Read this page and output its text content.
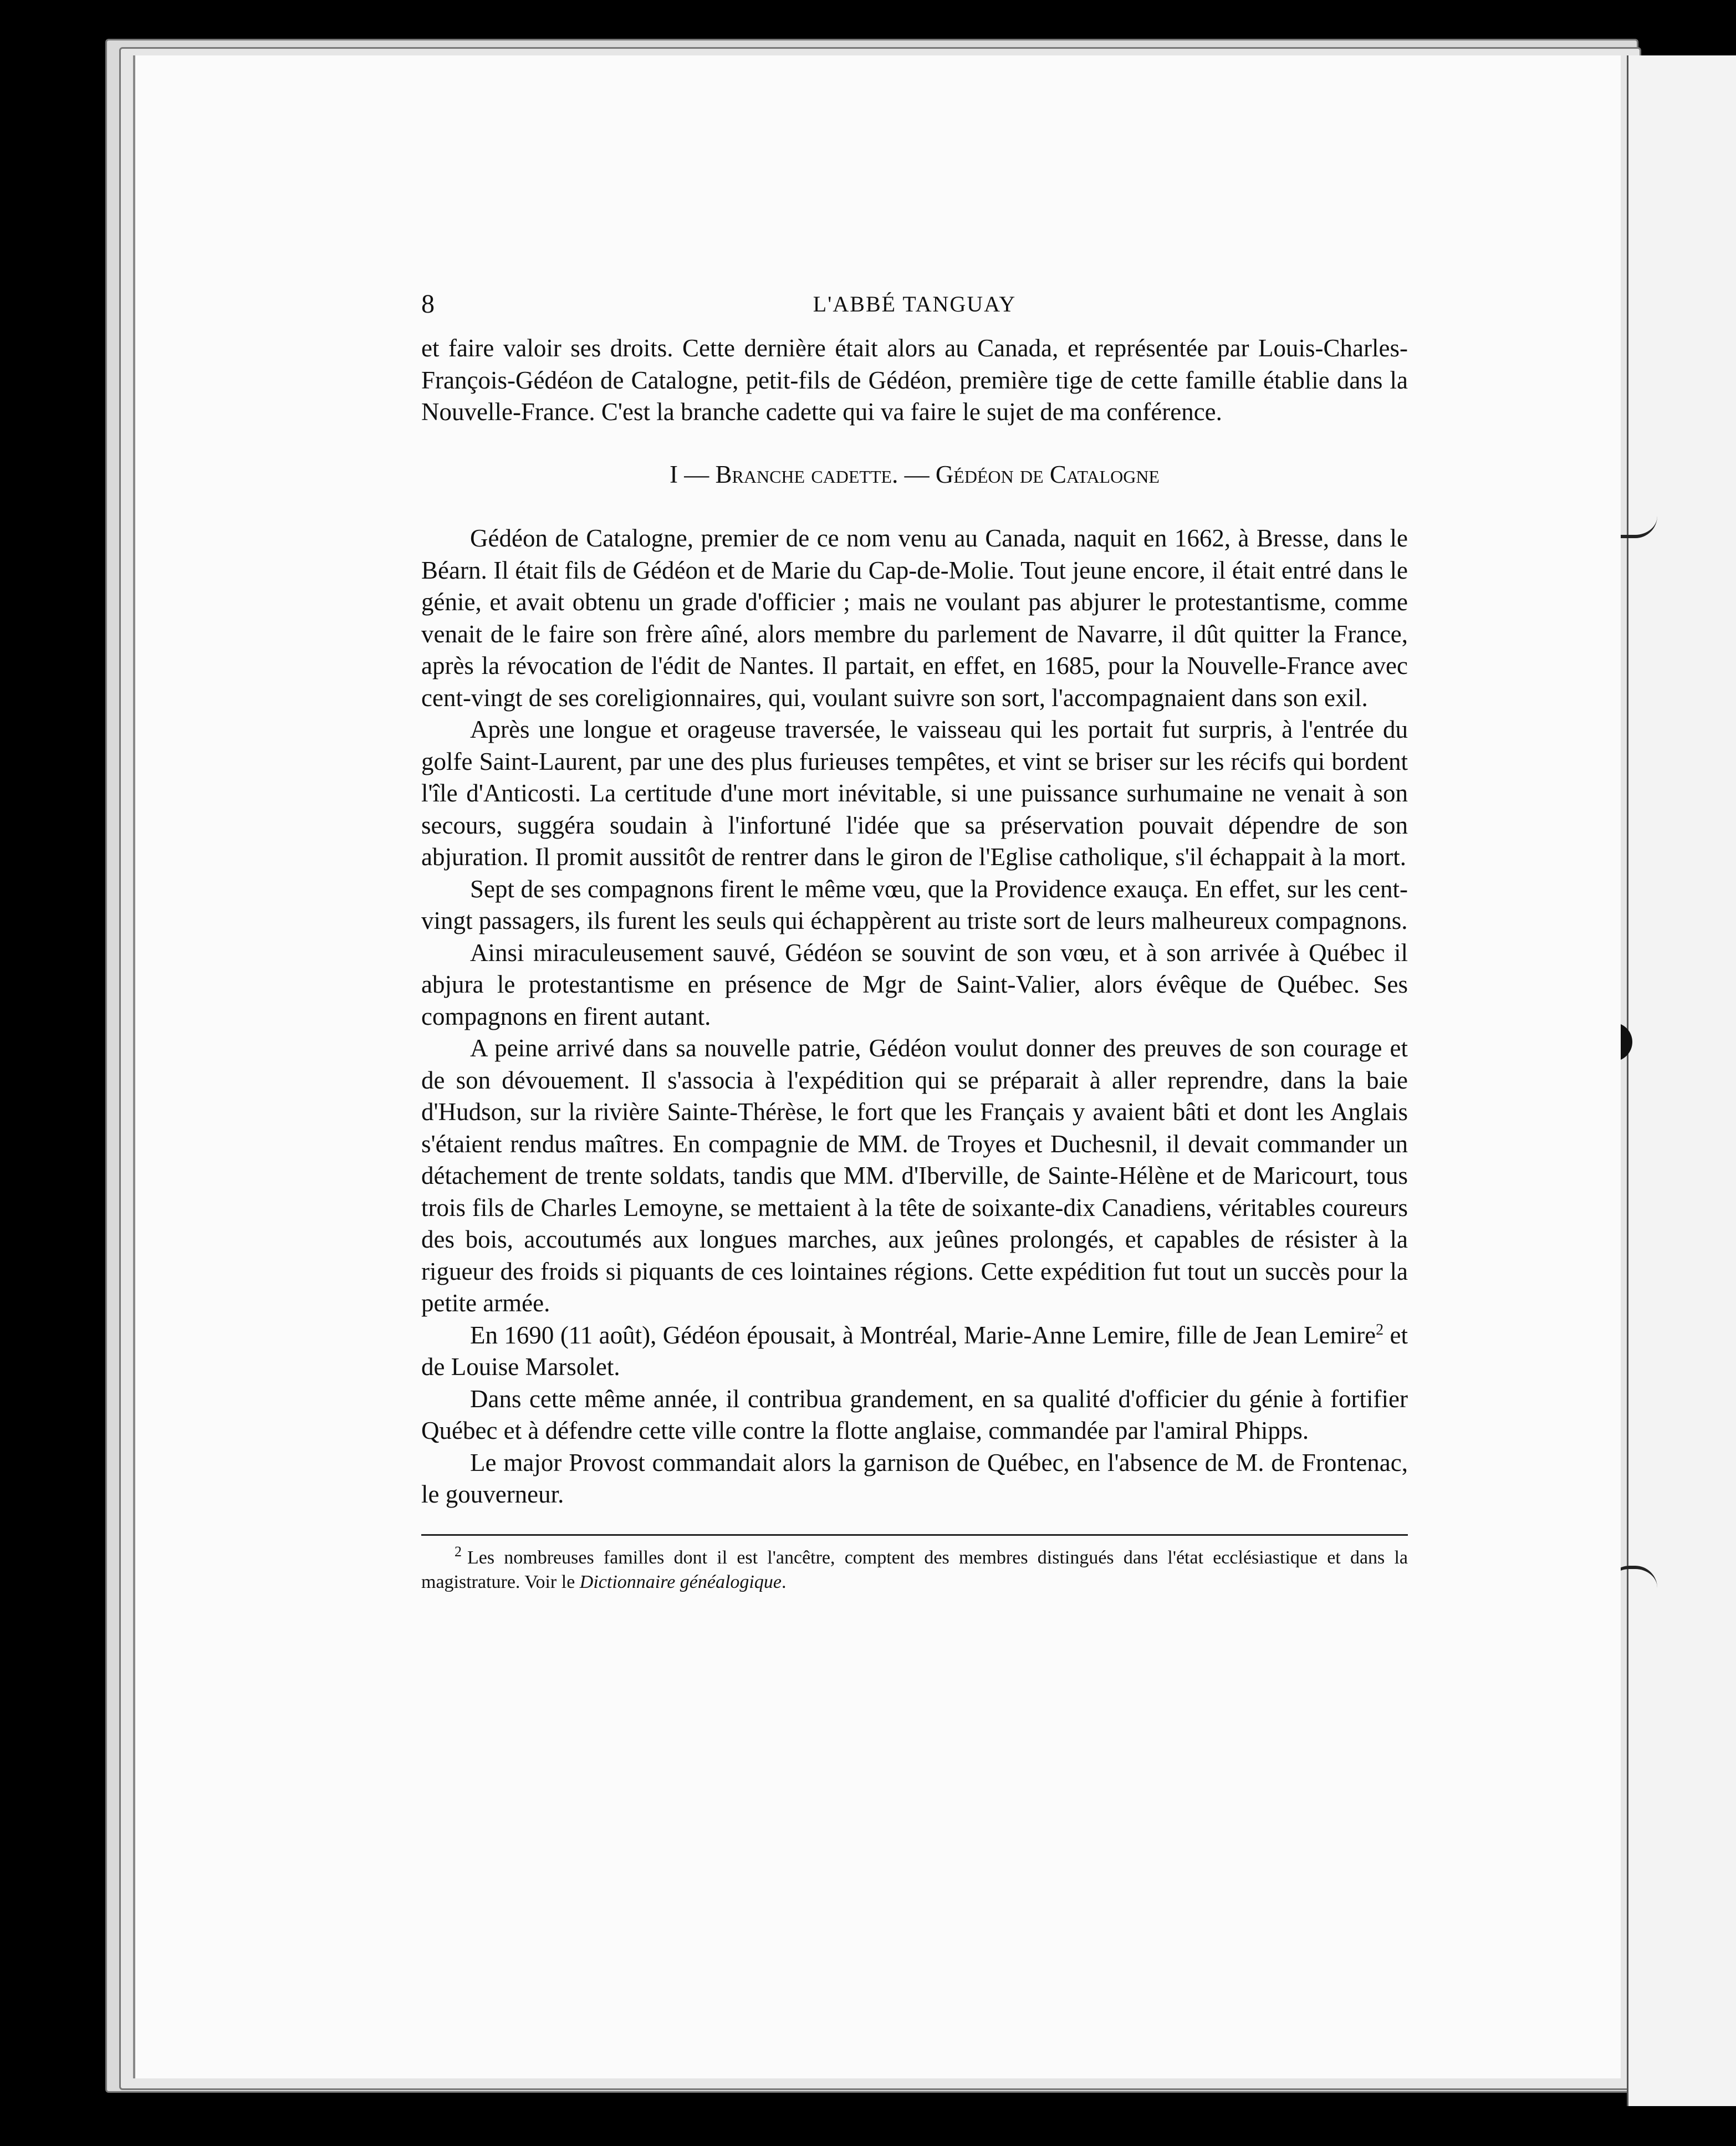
8	L'ABBÉ TANGUAY

et faire valoir ses droits. Cette dernière était alors au Canada, et représentée par Louis-Charles-François-Gédéon de Catalogne, petit-fils de Gédéon, première tige de cette famille établie dans la Nouvelle-France. C'est la branche cadette qui va faire le sujet de ma conférence.

I — Branche cadette. — Gédéon de Catalogne

Gédéon de Catalogne, premier de ce nom venu au Canada, naquit en 1662, à Bresse, dans le Béarn. Il était fils de Gédéon et de Marie du Cap-de-Molie. Tout jeune encore, il était entré dans le génie, et avait obtenu un grade d'officier ; mais ne voulant pas abjurer le protestantisme, comme venait de le faire son frère aîné, alors membre du parlement de Navarre, il dût quitter la France, après la révocation de l'édit de Nantes. Il partait, en effet, en 1685, pour la Nouvelle-France avec cent-vingt de ses coreligionnaires, qui, voulant suivre son sort, l'accompagnaient dans son exil.

Après une longue et orageuse traversée, le vaisseau qui les portait fut surpris, à l'entrée du golfe Saint-Laurent, par une des plus furieuses tempêtes, et vint se briser sur les récifs qui bordent l'île d'Anticosti. La certitude d'une mort inévitable, si une puissance surhumaine ne venait à son secours, suggéra soudain à l'infortuné l'idée que sa préservation pouvait dépendre de son abjuration. Il promit aussitôt de rentrer dans le giron de l'Eglise catholique, s'il échappait à la mort.

Sept de ses compagnons firent le même vœu, que la Providence exauça. En effet, sur les cent-vingt passagers, ils furent les seuls qui échappèrent au triste sort de leurs malheureux compagnons.

Ainsi miraculeusement sauvé, Gédéon se souvint de son vœu, et à son arrivée à Québec il abjura le protestantisme en présence de Mgr de Saint-Valier, alors évêque de Québec. Ses compagnons en firent autant.

A peine arrivé dans sa nouvelle patrie, Gédéon voulut donner des preuves de son courage et de son dévouement. Il s'associa à l'expédition qui se préparait à aller reprendre, dans la baie d'Hudson, sur la rivière Sainte-Thérèse, le fort que les Français y avaient bâti et dont les Anglais s'étaient rendus maîtres. En compagnie de MM. de Troyes et Duchesnil, il devait commander un détachement de trente soldats, tandis que MM. d'Iberville, de Sainte-Hélène et de Maricourt, tous trois fils de Charles Lemoyne, se mettaient à la tête de soixante-dix Canadiens, véritables coureurs des bois, accoutumés aux longues marches, aux jeûnes prolongés, et capables de résister à la rigueur des froids si piquants de ces lointaines régions. Cette expédition fut tout un succès pour la petite armée.

En 1690 (11 août), Gédéon épousait, à Montréal, Marie-Anne Lemire, fille de Jean Lemire$^2$ et de Louise Marsolet.

Dans cette même année, il contribua grandement, en sa qualité d'officier du génie à fortifier Québec et à défendre cette ville contre la flotte anglaise, commandée par l'amiral Phipps.

Le major Provost commandait alors la garnison de Québec, en l'absence de M. de Frontenac, le gouverneur.

$^2$ Les nombreuses familles dont il est l'ancêtre, comptent des membres distingués dans l'état ecclésiastique et dans la magistrature. Voir le Dictionnaire généalogique.
